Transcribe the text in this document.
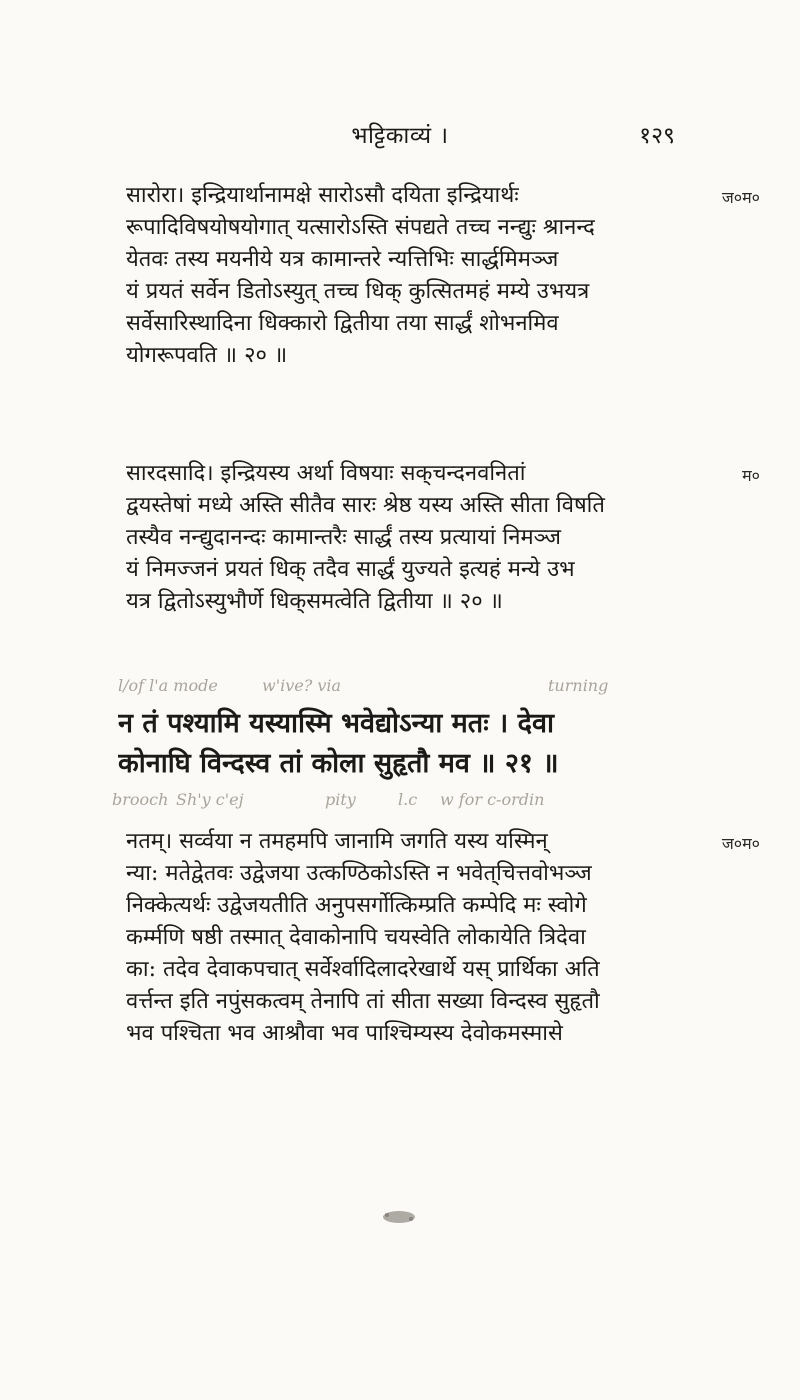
भट्टिकाव्यं ।	१२९
सारोरा। इन्द्रियार्थानामक्षे सारोऽसौ दयिता इन्द्रियार्थः
रूपादिविषयोषयोगात् यत्सारोऽस्ति संपद्यते तच्च नन्द्युः श्रानन्द
येतवः तस्य मयनीये यत्र कामान्तरे न्यत्तिभिः सार्द्धमिमञ्ज
यं प्रयतं सर्वेन डितोऽस्युत्‌ तच्च धिक्‌ कुत्सितमहं मम्ये उभयत्र
सर्वेसारिस्थादिना धिक्कारो द्वितीया तया सार्द्धं शोभनमिव
योगरूपवति ॥ २० ॥
ज०म०
सारदसादि। इन्द्रियस्य अर्था विषयाः सक्‌चन्दनवनितां
द्वयस्तेषां मध्ये अस्ति सीतैव सारः श्रेष्ठ यस्य अस्ति सीता विषति
तस्यैव नन्द्युदानन्दः कामान्तरैः सार्द्धं तस्य प्रत्यायां निमञ्ज
यं निमज्जनं प्रयतं धिक्‌ तदैव सार्द्धं युज्यते इत्यहं मन्ये उभ
यत्र द्वितोऽस्युभौर्णे धिक्‌समत्वेति द्वितीया ॥ २० ॥
म०
l/of l'a mode	w'ive? via	turning
न तं पश्यामि यस्यास्मि भवेद्योऽन्या मतः । देवा
कोनाघि विन्दस्व तां कोला सुहृतौ मव ॥ २१ ॥
brooch Sh'y c'ej	pity	l.c w for c-ordin
नतम्। सर्व्वया न तमहमपि जानामि जगति यस्य यस्मिन्
न्या: मतेद्वेतवः उद्वेजया उत्कण्ठिकोऽस्ति न भवेत्‌चित्तवोभञ्ज
निक्केत्यर्थः उद्वेजयतीति अनुपसर्गोत्किम्प्रति कम्पेदि मः स्वोगे
कर्म्मणि षष्ठी तस्मात्‌ देवाकोनापि चयस्वेति लोकायेति त्रिदेवा
का: तदेव देवाकपचात्‌ सर्वेर्श्वादिलादरेखार्थे यस्‌ प्रार्थिका अति
वर्त्तन्त इति नपुंसकत्वम्‌ तेनापि तां सीता सख्या विन्दस्व सुहृतौ
भव पश्चिता भव आश्रौवा भव पाश्चिम्यस्य देवोकमस्मासे
ज०म०
